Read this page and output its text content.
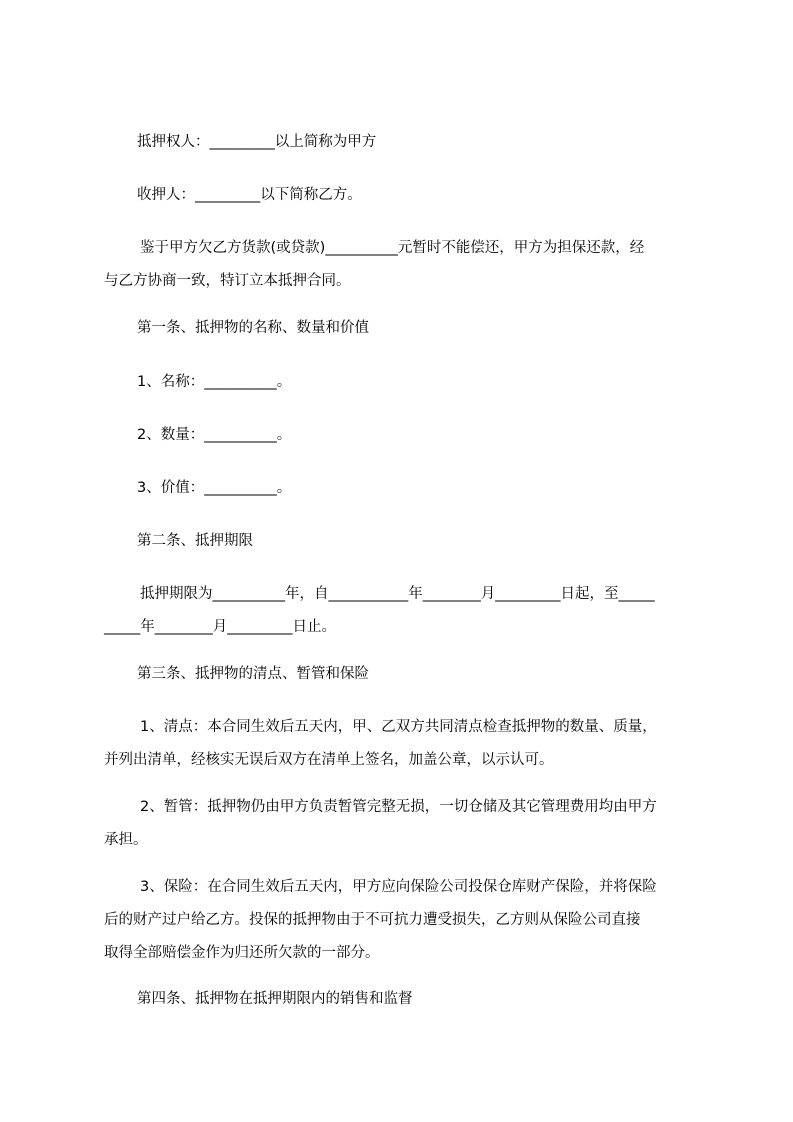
抵押权人：_________以上简称为甲方

收押人：_________以下简称乙方。

鉴于甲方欠乙方货款(或贷款)__________元暂时不能偿还，甲方为担保还款，经
与乙方协商一致，特订立本抵押合同。

第一条、抵押物的名称、数量和价值

1、名称：__________。

2、数量：__________。

3、价值：__________。

第二条、抵押期限

抵押期限为__________年，自___________年________月_________日起，至_____
_____年________月_________日止。

第三条、抵押物的清点、暂管和保险

1、清点：本合同生效后五天内，甲、乙双方共同清点检查抵押物的数量、质量，
并列出清单，经核实无误后双方在清单上签名，加盖公章，以示认可。

2、暂管：抵押物仍由甲方负责暂管完整无损，一切仓储及其它管理费用均由甲方
承担。

3、保险：在合同生效后五天内，甲方应向保险公司投保仓库财产保险，并将保险
后的财产过户给乙方。投保的抵押物由于不可抗力遭受损失，乙方则从保险公司直接
取得全部赔偿金作为归还所欠款的一部分。

第四条、抵押物在抵押期限内的销售和监督
